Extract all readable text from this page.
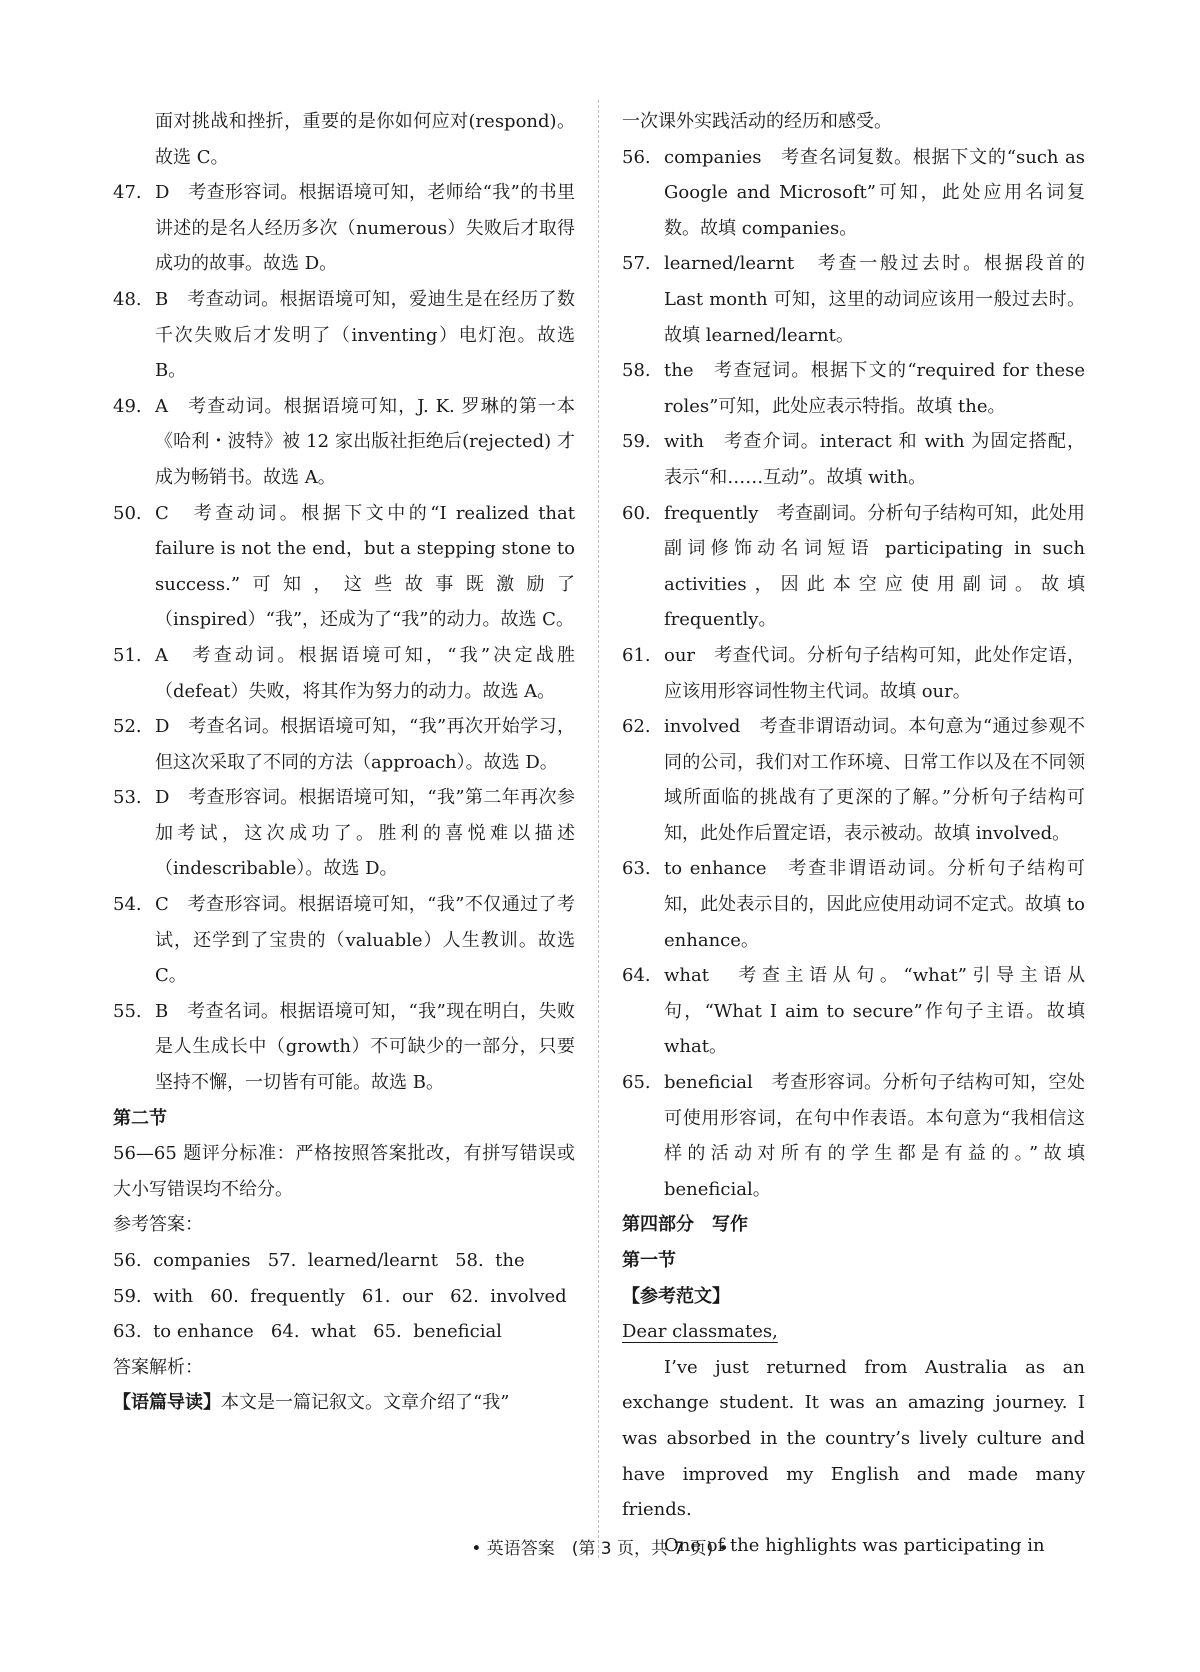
面对挑战和挫折，重要的是你如何应对(respond)。故选 C。

47. D　考查形容词。根据语境可知，老师给“我”的书里讲述的是名人经历多次（numerous）失败后才取得成功的故事。故选 D。
48. B　考查动词。根据语境可知，爱迪生是在经历了数千次失败后才发明了（inventing）电灯泡。故选 B。
49. A　考查动词。根据语境可知，J. K. 罗琳的第一本《哈利・波特》被 12 家出版社拒绝后(rejected) 才成为畅销书。故选 A。
50. C　考查动词。根据下文中的“I realized that failure is not the end，but a stepping stone to success.”可知，这些故事既激励了（inspired）“我”，还成为了“我”的动力。故选 C。
51. A　考查动词。根据语境可知，“我”决定战胜（defeat）失败，将其作为努力的动力。故选 A。
52. D　考查名词。根据语境可知，“我”再次开始学习，但这次采取了不同的方法（approach）。故选 D。
53. D　考查形容词。根据语境可知，“我”第二年再次参加考试，这次成功了。胜利的喜悦难以描述（indescribable）。故选 D。
54. C　考查形容词。根据语境可知，“我”不仅通过了考试，还学到了宝贵的（valuable）人生教训。故选 C。
55. B　考查名词。根据语境可知，“我”现在明白，失败是人生成长中（growth）不可缺少的一部分，只要坚持不懈，一切皆有可能。故选 B。
第二节

56—65 题评分标准：严格按照答案批改，有拼写错误或大小写错误均不给分。

参考答案：
56.  companies   57.  learned/learnt   58.  the
59.  with   60.  frequently   61.  our   62.  involved
63.  to enhance   64.  what   65.  beneficial
答案解析：
【语篇导读】本文是一篇记叙文。文章介绍了“我”
一次课外实践活动的经历和感受。
56. companies　考查名词复数。根据下文的“such as Google and Microsoft”可知，此处应用名词复数。故填 companies。
57. learned/learnt　考查一般过去时。根据段首的 Last month 可知，这里的动词应该用一般过去时。故填 learned/learnt。
58. the　考查冠词。根据下文的“required for these roles”可知，此处应表示特指。故填 the。
59. with　考查介词。interact 和 with 为固定搭配，表示“和……互动”。故填 with。
60. frequently　考查副词。分析句子结构可知，此处用副词修饰动名词短语 participating in such activities，因此本空应使用副词。故填 frequently。
61. our　考查代词。分析句子结构可知，此处作定语，应该用形容词性物主代词。故填 our。
62. involved　考查非谓语动词。本句意为“通过参观不同的公司，我们对工作环境、日常工作以及在不同领域所面临的挑战有了更深的了解。”分析句子结构可知，此处作后置定语，表示被动。故填 involved。
63. to enhance　考查非谓语动词。分析句子结构可知，此处表示目的，因此应使用动词不定式。故填 to enhance。
64. what　考查主语从句。“what”引导主语从句，“What I aim to secure”作句子主语。故填 what。
65. beneficial　考查形容词。分析句子结构可知，空处可使用形容词，在句中作表语。本句意为“我相信这样的活动对所有的学生都是有益的。”故填 beneficial。
第四部分　写作
第一节
【参考范文】
Dear classmates,

I’ve just returned from Australia as an exchange student. It was an amazing journey. I was absorbed in the country’s lively culture and have improved my English and made many friends.

One of the highlights was participating in

• 英语答案　(第 3 页，共 7 页) •
